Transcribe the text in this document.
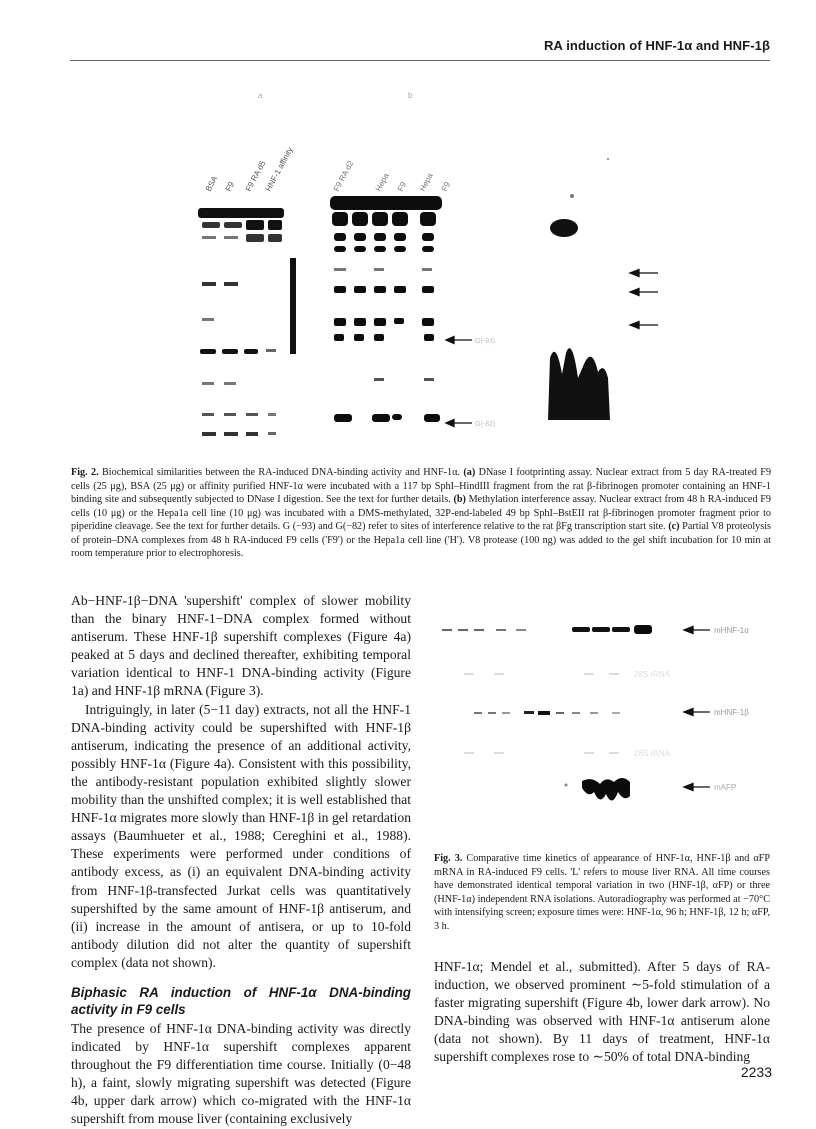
RA induction of HNF-1α and HNF-1β
a	b
BSA F9 F9 RA d5
HNF-1 affinity	F9 RA d2 Hepa F9 Hepa F9
G(-93)
G(-82)
Fig. 2. Biochemical similarities between the RA-induced DNA-binding activity and HNF-1α. (a) DNase I footprinting assay. Nuclear extract from 5 day RA-treated F9 cells (25 μg), BSA (25 μg) or affinity purified HNF-1α were incubated with a 117 bp SphI–HindIII fragment from the rat β-fibrinogen promoter containing an HNF-1 binding site and subsequently subjected to DNase I digestion. See the text for further details. (b) Methylation interference assay. Nuclear extract from 48 h RA-induced F9 cells (10 μg) or the Hepa1a cell line (10 μg) was incubated with a DMS-methylated, 32P-end-labeled 49 bp SphI–BstEII rat β-fibrinogen promoter fragment prior to piperidine cleavage. See the text for further details. G (−93) and G(−82) refer to sites of interference relative to the rat βFg transcription start site. (c) Partial V8 proteolysis of protein–DNA complexes from 48 h RA-induced F9 cells ('F9') or the Hepa1a cell line ('H'). V8 protease (100 ng) was added to the gel shift incubation for 10 min at room temperature prior to electrophoresis.

Ab−HNF-1β−DNA 'supershift' complex of slower mobility than the binary HNF-1−DNA complex formed without antiserum. These HNF-1β supershift complexes (Figure 4a) peaked at 5 days and declined thereafter, exhibiting temporal variation identical to HNF-1 DNA-binding activity (Figure 1a) and HNF-1β mRNA (Figure 3).

Intriguingly, in later (5−11 day) extracts, not all the HNF-1 DNA-binding activity could be supershifted with HNF-1β antiserum, indicating the presence of an additional activity, possibly HNF-1α (Figure 4a). Consistent with this possibility, the antibody-resistant population exhibited slightly slower mobility than the unshifted complex; it is well established that HNF-1α migrates more slowly than HNF-1β in gel retardation assays (Baumhueter et al., 1988; Cereghini et al., 1988). These experiments were performed under conditions of antibody excess, as (i) an equivalent DNA-binding activity from HNF-1β-transfected Jurkat cells was quantitatively supershifted by the same amount of HNF-1β antiserum, and (ii) increase in the amount of antisera, or up to 10-fold antibody dilution did not alter the quantity of supershift complex (data not shown).

Biphasic RA induction of HNF-1α DNA-binding activity in F9 cells

The presence of HNF-1α DNA-binding activity was directly indicated by HNF-1α supershift complexes apparent throughout the F9 differentiation time course. Initially (0−48 h), a faint, slowly migrating supershift was detected (Figure 4b, upper dark arrow) which co-migrated with the HNF-1α supershift from mouse liver (containing exclusively

mHNF-1α
28S rRNA
mHNF-1β
28S rRNA
mAFP
Fig. 3. Comparative time kinetics of appearance of HNF-1α, HNF-1β and αFP mRNA in RA-induced F9 cells. 'L' refers to mouse liver RNA. All time courses have demonstrated identical temporal variation in two (HNF-1β, αFP) or three (HNF-1α) independent RNA isolations. Autoradiography was performed at −70°C with intensifying screen; exposure times were: HNF-1α, 96 h; HNF-1β, 12 h; αFP, 3 h.

HNF-1α; Mendel et al., submitted). After 5 days of RA-induction, we observed prominent ∼5-fold stimulation of a faster migrating supershift (Figure 4b, lower dark arrow). No DNA-binding was observed with HNF-1α antiserum alone (data not shown). By 11 days of treatment, HNF-1α supershift complexes rose to ∼50% of total DNA-binding

2233
